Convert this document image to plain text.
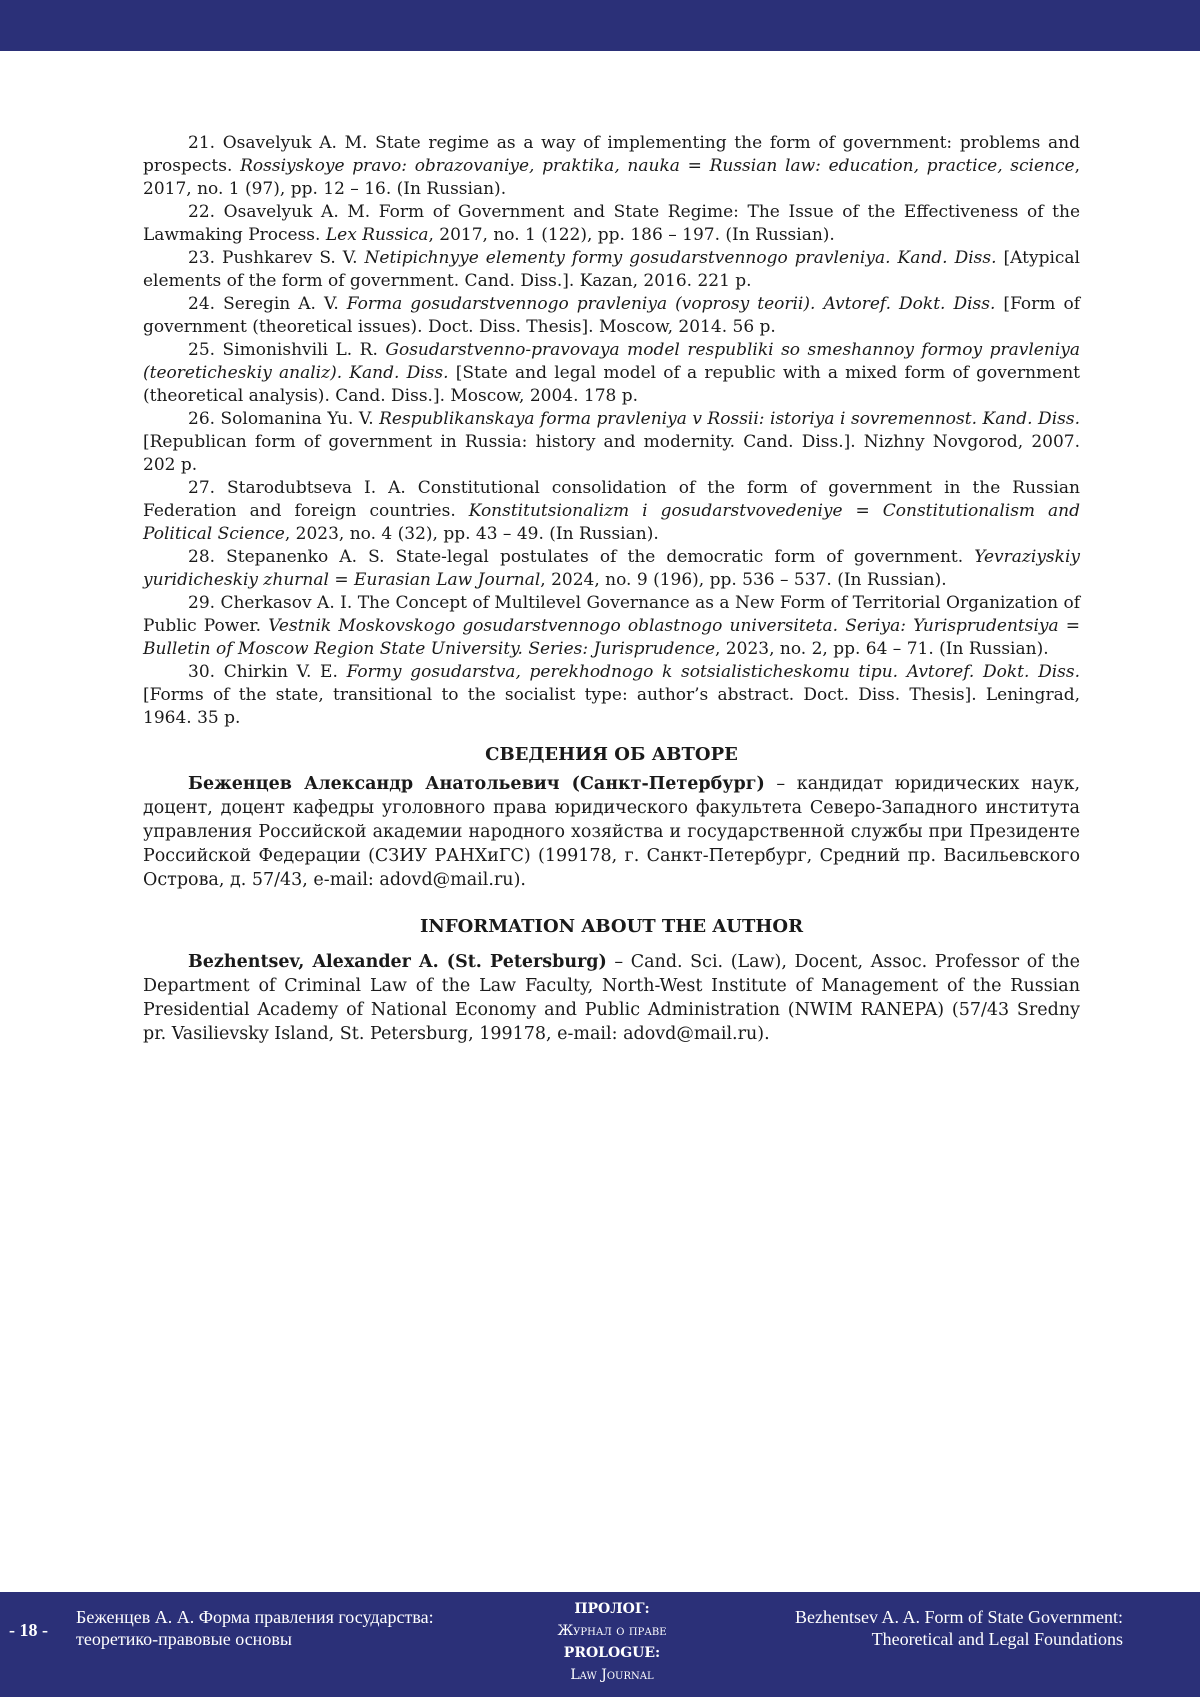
21. Osavelyuk A. M. State regime as a way of implementing the form of government: problems and prospects. Rossiyskoye pravo: obrazovaniye, praktika, nauka = Russian law: education, practice, science, 2017, no. 1 (97), pp. 12 – 16. (In Russian).

22. Osavelyuk A. M. Form of Government and State Regime: The Issue of the Effectiveness of the Lawmaking Process. Lex Russica, 2017, no. 1 (122), pp. 186 – 197. (In Russian).

23. Pushkarev S. V. Netipichnyye elementy formy gosudarstvennogo pravleniya. Kand. Diss. [Atypical elements of the form of government. Cand. Diss.]. Kazan, 2016. 221 p.

24. Seregin A. V. Forma gosudarstvennogo pravleniya (voprosy teorii). Avtoref. Dokt. Diss. [Form of government (theoretical issues). Doct. Diss. Thesis]. Moscow, 2014. 56 p.

25. Simonishvili L. R. Gosudarstvenno-pravovaya model respubliki so smeshannoy formoy pravleniya (teoreticheskiy analiz). Kand. Diss. [State and legal model of a republic with a mixed form of government (theoretical analysis). Cand. Diss.]. Moscow, 2004. 178 p.

26. Solomanina Yu. V. Respublikanskaya forma pravleniya v Rossii: istoriya i sovremennost. Kand. Diss. [Republican form of government in Russia: history and modernity. Cand. Diss.]. Nizhny Novgorod, 2007. 202 p.

27. Starodubtseva I. A. Constitutional consolidation of the form of government in the Russian Federation and foreign countries. Konstitutsionalizm i gosudarstvovedeniye = Constitutionalism and Political Science, 2023, no. 4 (32), pp. 43 – 49. (In Russian).

28. Stepanenko A. S. State-legal postulates of the democratic form of government. Yevraziyskiy yuridicheskiy zhurnal = Eurasian Law Journal, 2024, no. 9 (196), pp. 536 – 537. (In Russian).

29. Cherkasov A. I. The Concept of Multilevel Governance as a New Form of Territorial Organization of Public Power. Vestnik Moskovskogo gosudarstvennogo oblastnogo universiteta. Seriya: Yurisprudentsiya = Bulletin of Moscow Region State University. Series: Jurisprudence, 2023, no. 2, pp. 64 – 71. (In Russian).

30. Chirkin V. E. Formy gosudarstva, perekhodnogo k sotsialisticheskomu tipu. Avtoref. Dokt. Diss. [Forms of the state, transitional to the socialist type: author’s abstract. Doct. Diss. Thesis]. Leningrad, 1964. 35 p.

СВЕДЕНИЯ ОБ АВТОРЕ

Беженцев Александр Анатольевич (Санкт-Петербург) – кандидат юридических наук, доцент, доцент кафедры уголовного права юридического факультета Северо-Западного института управления Российской академии народного хозяйства и государственной службы при Президенте Российской Федерации (СЗИУ РАНХиГС) (199178, г. Санкт-Петербург, Средний пр. Васильевского Острова, д. 57/43, e-mail: adovd@mail.ru).

INFORMATION ABOUT THE AUTHOR

Bezhentsev, Alexander A. (St. Petersburg) – Cand. Sci. (Law), Docent, Assoc. Professor of the Department of Criminal Law of the Law Faculty, North-West Institute of Management of the Russian Presidential Academy of National Economy and Public Administration (NWIM RANEPA) (57/43 Sredny pr. Vasilievsky Island, St. Petersburg, 199178, e-mail: adovd@mail.ru).

- 18 -
Беженцев А. А. Форма правления государства:
теоретико-правовые основы
ПРОЛОГ:
Журнал о праве
PROLOGUE:
Law Journal
Bezhentsev A. A. Form of State Government:
Theoretical and Legal Foundations
